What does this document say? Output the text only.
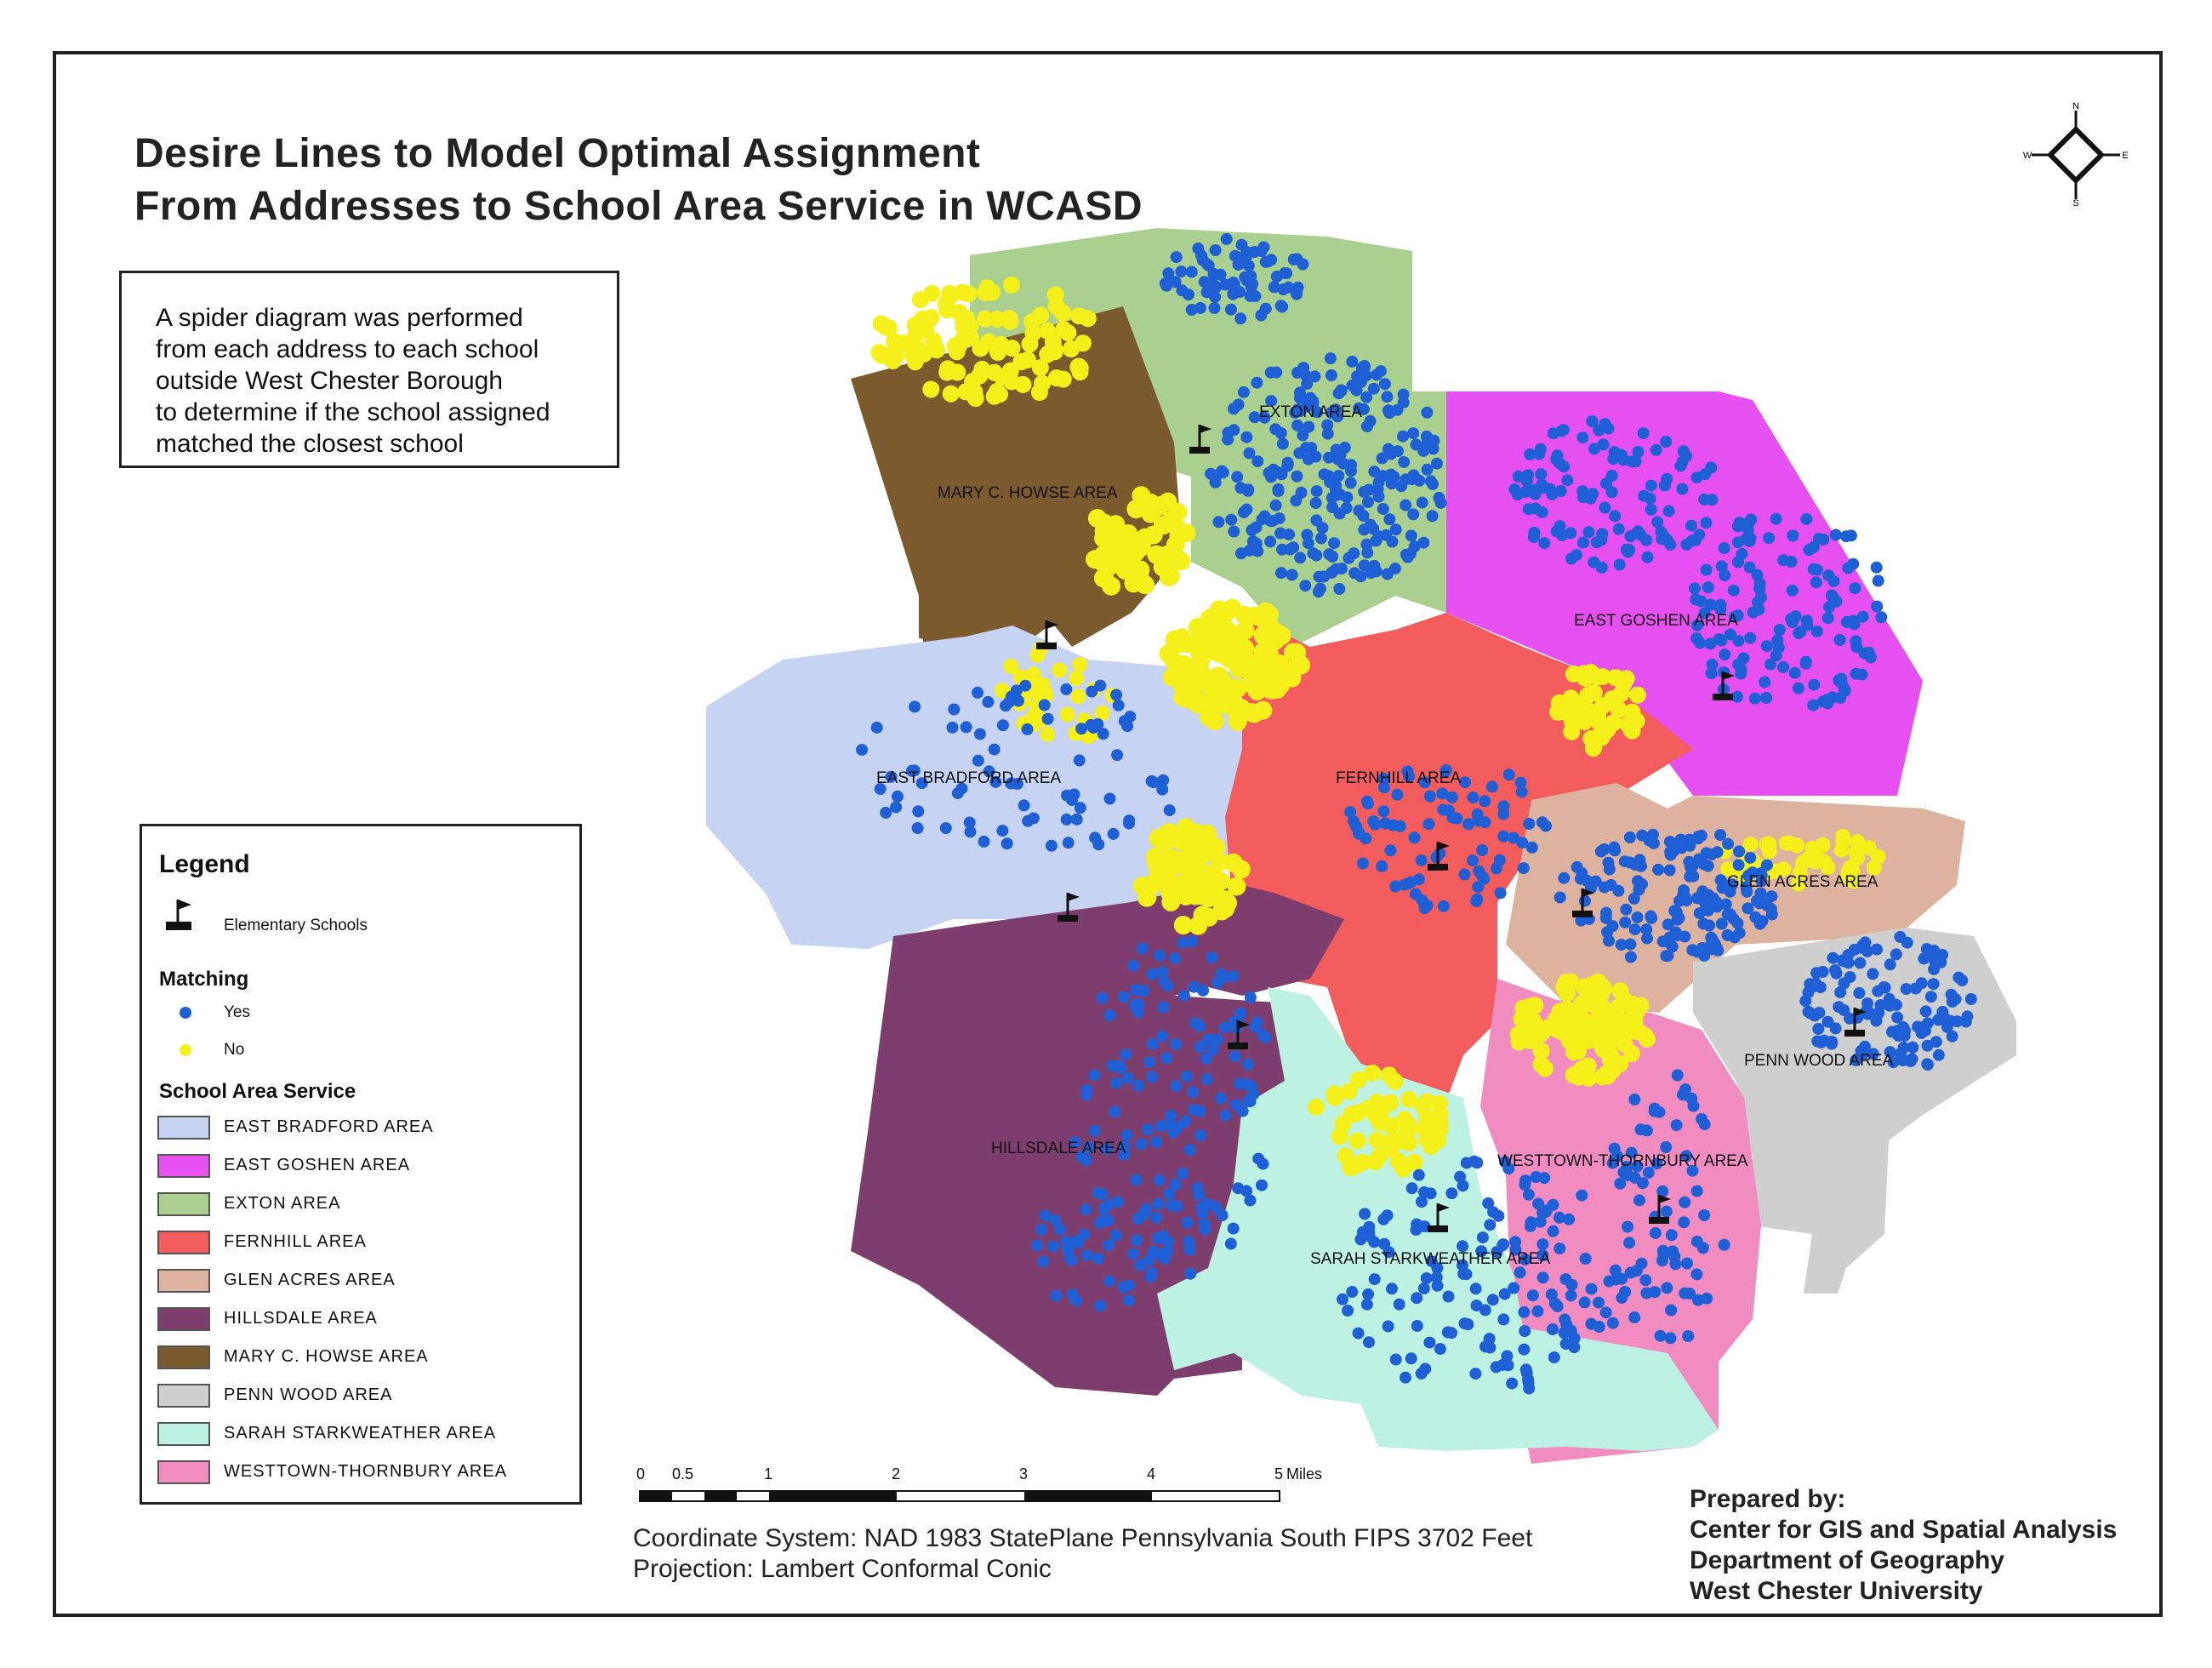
Desire Lines to Model Optimal Assignment
From Addresses to School Area Service in WCASD
A spider diagram was performed
from each address to each school
outside West Chester Borough
to determine if the school assigned
matched the closest school
N
S
E
W
EXTON AREA
MARY C. HOWSE AREA
EAST GOSHEN AREA
EAST BRADFORD AREA	FERNHILL AREA
GLEN ACRES AREA
PENN WOOD AREA
HILLSDALE AREA
WESTTOWN-THORNBURY AREA
SARAH STARKWEATHER AREA
0 0.5	1	2	3	4	5 Miles
Legend
Elementary Schools
Matching
Yes
No
School Area Service
EAST BRADFORD AREA
EAST GOSHEN AREA
EXTON AREA
FERNHILL AREA
GLEN ACRES AREA
HILLSDALE AREA
MARY C. HOWSE AREA
PENN WOOD AREA
SARAH STARKWEATHER AREA
WESTTOWN-THORNBURY AREA
Coordinate System: NAD 1983 StatePlane Pennsylvania South FIPS 3702 Feet
Projection: Lambert Conformal Conic
Prepared by:
Center for GIS and Spatial Analysis
Department of Geography
West Chester University
